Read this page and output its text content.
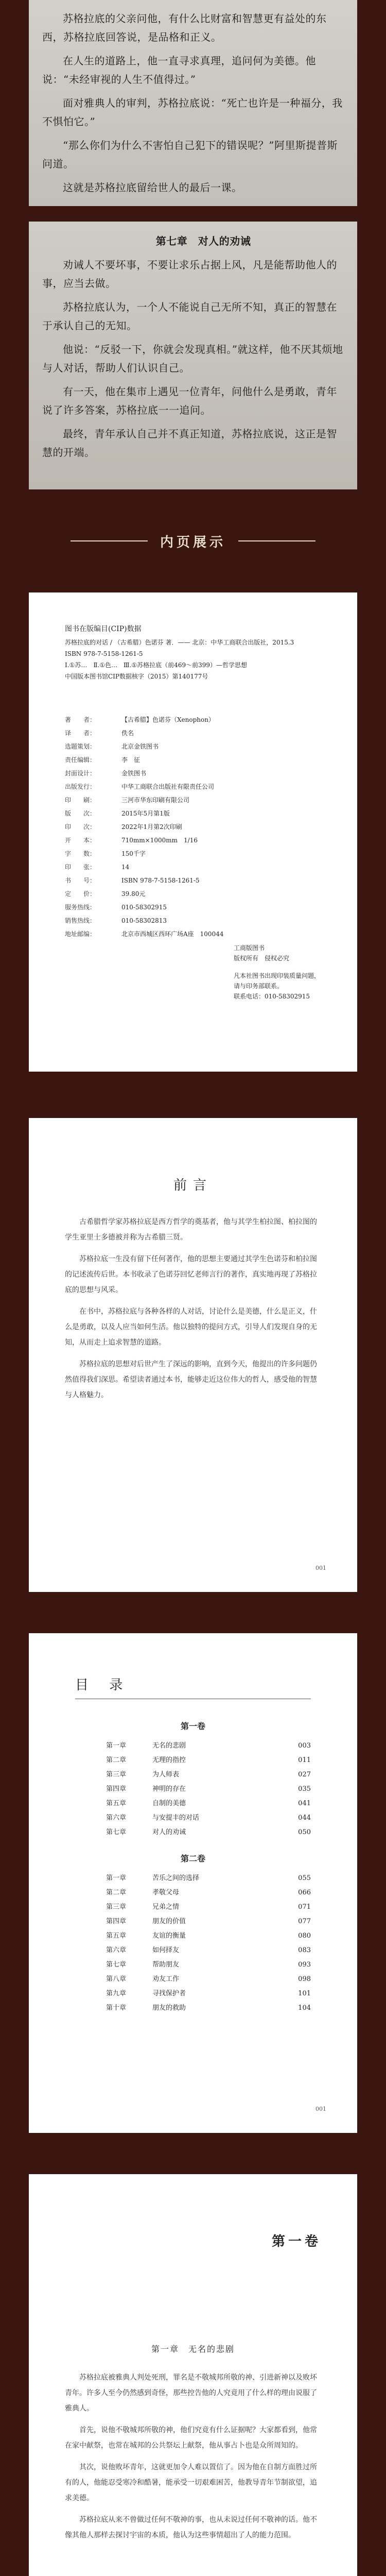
苏格拉底的父亲问他，有什么比财富和智慧更有益处的东西，苏格拉底回答说，是品格和正义。

在人生的道路上，他一直寻求真理，追问何为美德。他说：“未经审视的人生不值得过。”

面对雅典人的审判，苏格拉底说：“死亡也许是一种福分，我不惧怕它。”

“那么你们为什么不害怕自己犯下的错误呢？”阿里斯提普斯问道。

这就是苏格拉底留给世人的最后一课。

第七章　对人的劝诫

劝诫人不要坏事，不要让求乐占据上风，凡是能帮助他人的事，应当去做。

苏格拉底认为，一个人不能说自己无所不知，真正的智慧在于承认自己的无知。

他说：“反驳一下，你就会发现真相。”就这样，他不厌其烦地与人对话，帮助人们认识自己。

有一天，他在集市上遇见一位青年，问他什么是勇敢，青年说了许多答案，苏格拉底一一追问。

最终，青年承认自己并不真正知道，苏格拉底说，这正是智慧的开端。

内页展示

图书在版编目(CIP)数据

苏格拉底的对话 / （古希腊）色诺芬 著．—— 北京：中华工商联合出版社，2015.3

ISBN 978-7-5158-1261-5

Ⅰ.①苏…　Ⅱ.①色…　Ⅲ.①苏格拉底（前469～前399）—哲学思想

中国版本图书馆CIP数据核字（2015）第140177号

著　　者：	【古希腊】色诺芬（Xenophon）
译　　者：	佚名
选题策划：	北京金铁图书
责任编辑：	李　征
封面设计：	金铁图书
出版发行：	中华工商联合出版社有限责任公司
印　　刷：	三河市华东印刷有限公司
版　　次：	2015年5月第1版
印　　次：	2022年1月第2次印刷
开　　本：	710mm×1000mm　1/16
字　　数：	150千字
印　　张：	14
书　　号：	ISBN 978-7-5158-1261-5
定　　价：	39.80元
服务热线：	010-58302915
销售热线：	010-58302813
地址邮编：	北京市西城区西环广场A座　100044
工商版图书
版权所有　侵权必究
凡本社图书出现印装质量问题，
请与印务部联系。
联系电话：010-58302915
前言

古希腊哲学家苏格拉底是西方哲学的奠基者，他与其学生柏拉图、柏拉图的学生亚里士多德被并称为古希腊三贤。

苏格拉底一生没有留下任何著作，他的思想主要通过其学生色诺芬和柏拉图的记述流传后世。本书收录了色诺芬回忆老师言行的著作，真实地再现了苏格拉底的思想与风采。

在书中，苏格拉底与各种各样的人对话，讨论什么是美德，什么是正义，什么是勇敢，以及人应当如何生活。他以独特的提问方式，引导人们发现自身的无知，从而走上追求智慧的道路。

苏格拉底的思想对后世产生了深远的影响，直到今天，他提出的许多问题仍然值得我们深思。希望读者通过本书，能够走近这位伟大的哲人，感受他的智慧与人格魅力。

001
目 录
第一卷
第一章	无名的悲剧	003
第二章	无理的指控	011
第三章	为人师表	027
第四章	神明的存在	035
第五章	自制的美德	041
第六章	与安提丰的对话	044
第七章	对人的劝诫	050
第二卷
第一章	苦乐之间的选择	055
第二章	孝敬父母	066
第三章	兄弟之情	071
第四章	朋友的价值	077
第五章	友谊的衡量	080
第六章	如何择友	083
第七章	帮助朋友	093
第八章	劝友工作	098
第九章	寻找保护者	101
第十章	朋友的救助	104
001
第一卷
第一章　无名的悲剧

苏格拉底被雅典人判处死刑，罪名是不敬城邦所敬的神、引进新神以及败坏青年。许多人至今仍然感到奇怪，那些控告他的人究竟用了什么样的理由说服了雅典人。

首先，说他不敬城邦所敬的神，他们究竟有什么证据呢？大家都看到，他常在家中献祭，也常在城邦的公共祭坛上献祭，他从事占卜也是众所周知的。

其次，说他败坏青年，这就更加令人难以置信了。因为他在自制方面胜过所有的人，他能忍受寒冷和酷暑，能承受一切艰难困苦，他教导青年节制欲望，追求美德。

苏格拉底从来不曾做过任何不敬神的事，也从未说过任何不敬神的话。他不像其他人那样去探讨宇宙的本质，他认为这些事情超出了人的能力范围。
